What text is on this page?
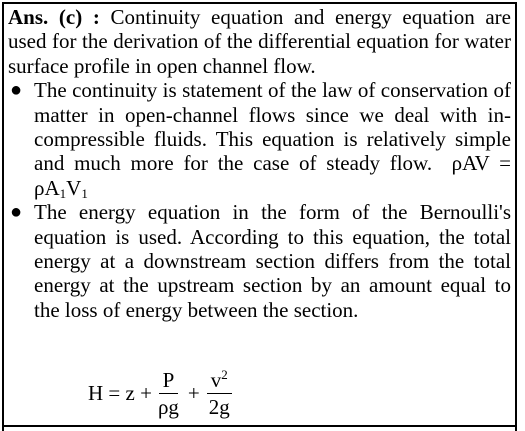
Ans. (c) : Continuity equation and energy equation are used for the derivation of the differential equation for water surface profile in open channel flow.

● The continuity is statement of the law of conservation of matter in open-channel flows since we deal with in-compressible fluids. This equation is relatively simple and much more for the case of steady flow. $\rho AV = \rho A_1V_1$
● The energy equation in the form of the Bernoulli's equation is used. According to this equation, the total energy at a downstream section differs from the total energy at the upstream section by an amount equal to the loss of energy between the section.
$H = z + \frac{P}{\rho g} + \frac{v^2}{2g}$
